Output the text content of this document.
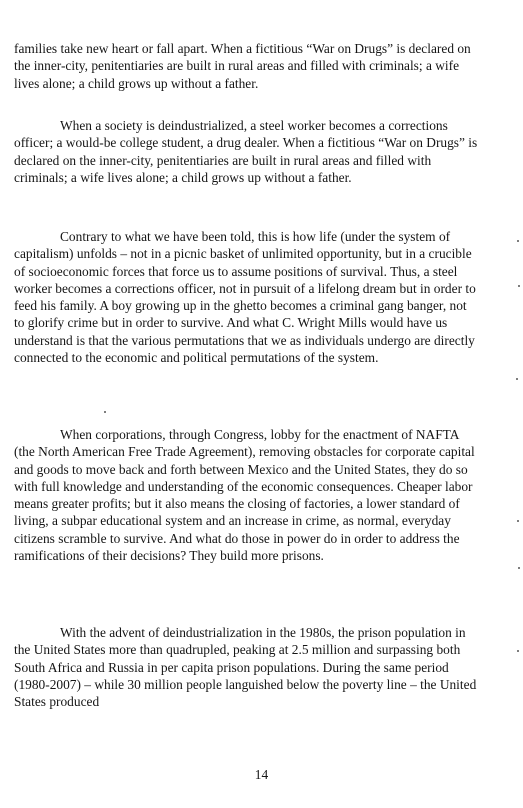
families take new heart or fall apart. When a fictitious “War on Drugs” is declared on the inner-city, penitentiaries are built in rural areas and filled with criminals; a wife lives alone; a child grows up without a father.

When a society is deindustrialized, a steel worker becomes a corrections officer; a would-be college student, a drug dealer. When a fictitious “War on Drugs” is declared on the inner-city, penitentiaries are built in rural areas and filled with criminals; a wife lives alone; a child grows up without a father.

Contrary to what we have been told, this is how life (under the system of capitalism) unfolds – not in a picnic basket of unlimited opportunity, but in a crucible of socioeconomic forces that force us to assume positions of survival. Thus, a steel worker becomes a corrections officer, not in pursuit of a lifelong dream but in order to feed his family. A boy growing up in the ghetto becomes a criminal gang banger, not to glorify crime but in order to survive. And what C. Wright Mills would have us understand is that the various permutations that we as individuals undergo are directly connected to the economic and political permutations of the system.

When corporations, through Congress, lobby for the enactment of NAFTA (the North American Free Trade Agreement), removing obstacles for corporate capital and goods to move back and forth between Mexico and the United States, they do so with full knowledge and understanding of the economic consequences. Cheaper labor means greater profits; but it also means the closing of factories, a lower standard of living, a subpar educational system and an increase in crime, as normal, everyday citizens scramble to survive. And what do those in power do in order to address the ramifications of their decisions? They build more prisons.

With the advent of deindustrialization in the 1980s, the prison population in the United States more than quadrupled, peaking at 2.5 million and surpassing both South Africa and Russia in per capita prison populations. During the same period (1980-2007) – while 30 million people languished below the poverty line – the United States produced

14
